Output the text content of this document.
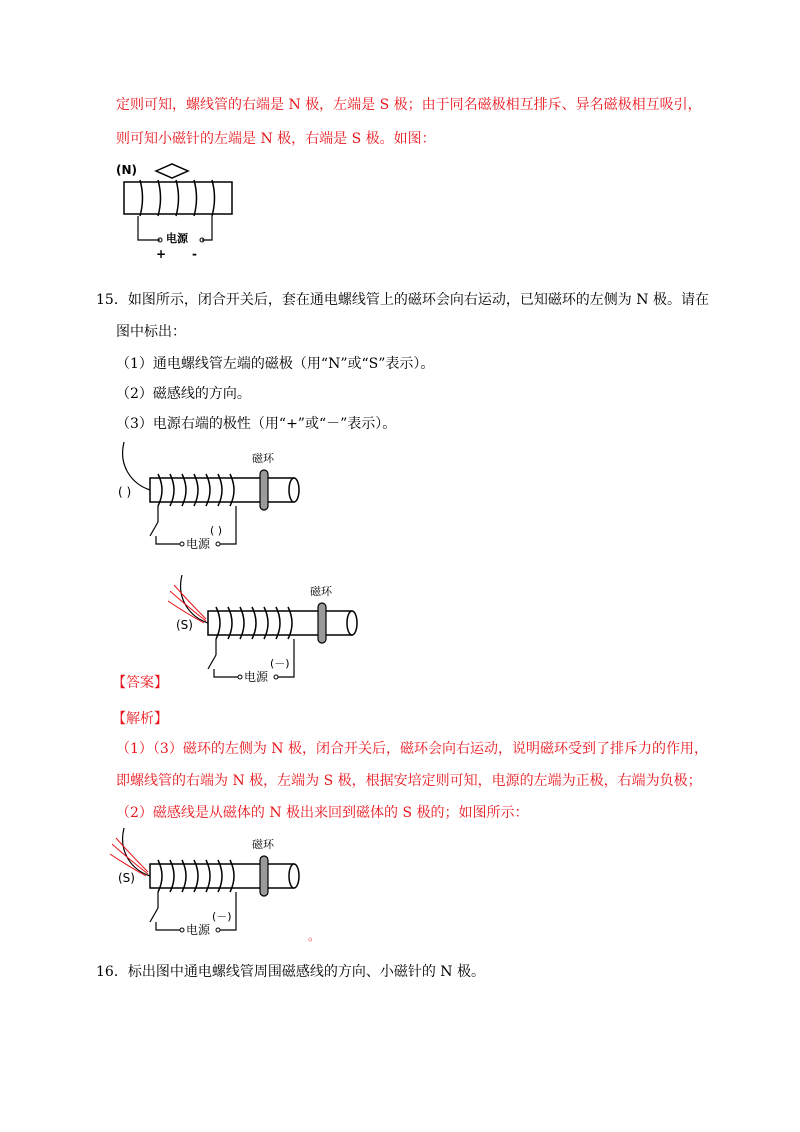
定则可知，螺线管的右端是 N 极，左端是 S 极；由于同名磁极相互排斥、异名磁极相互吸引，
则可知小磁针的左端是 N 极，右端是 S 极。如图：
(N)
电源
+ -
15．如图所示，闭合开关后，套在通电螺线管上的磁环会向右运动，已知磁环的左侧为 N 极。请在
图中标出：
（1）通电螺线管左端的磁极（用“N”或“S”表示）。
（2）磁感线的方向。
（3）电源右端的极性（用“+”或“－”表示）。
磁环
( )
( )
电源
磁环
(S)
(－)
电源
【答案】
【解析】
（1）（3）磁环的左侧为 N 极，闭合开关后，磁环会向右运动，说明磁环受到了排斥力的作用，
即螺线管的右端为 N 极，左端为 S 极，根据安培定则可知，电源的左端为正极，右端为负极；
（2）磁感线是从磁体的 N 极出来回到磁体的 S 极的；如图所示：
磁环
(S)
(－)
电源	。
16．标出图中通电螺线管周围磁感线的方向、小磁针的 N 极。
